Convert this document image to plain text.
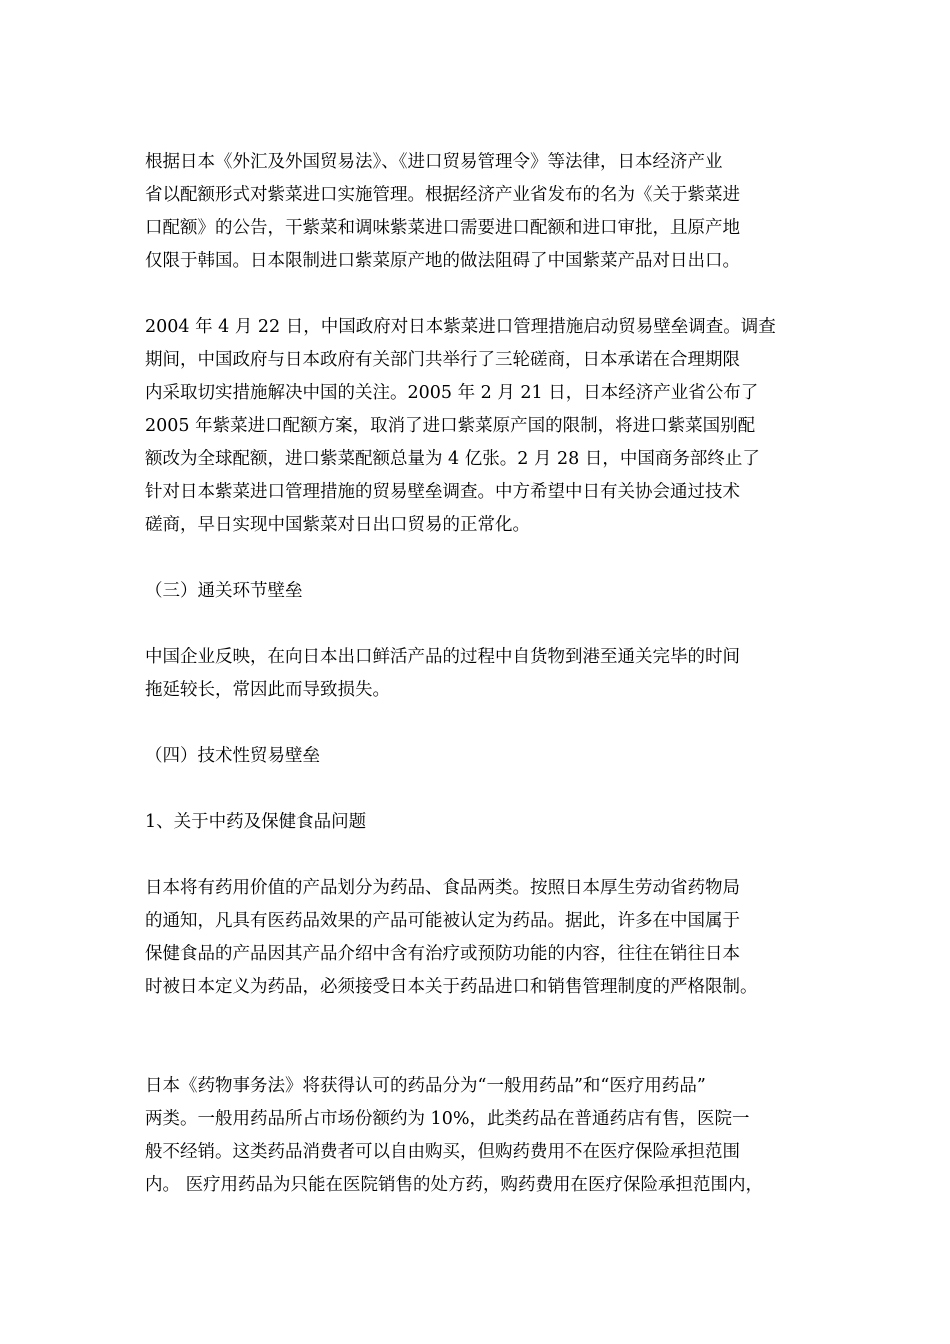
根据日本《外汇及外国贸易法》、《进口贸易管理令》等法律，日本经济产业
省以配额形式对紫菜进口实施管理。根据经济产业省发布的名为《关于紫菜进
口配额》的公告，干紫菜和调味紫菜进口需要进口配额和进口审批，且原产地
仅限于韩国。日本限制进口紫菜原产地的做法阻碍了中国紫菜产品对日出口。

2004 年 4 月 22 日，中国政府对日本紫菜进口管理措施启动贸易壁垒调查。调查
期间，中国政府与日本政府有关部门共举行了三轮磋商，日本承诺在合理期限
内采取切实措施解决中国的关注。2005 年 2 月 21 日，日本经济产业省公布了
2005 年紫菜进口配额方案，取消了进口紫菜原产国的限制，将进口紫菜国别配
额改为全球配额，进口紫菜配额总量为 4 亿张。2 月 28 日，中国商务部终止了
针对日本紫菜进口管理措施的贸易壁垒调查。中方希望中日有关协会通过技术
磋商，早日实现中国紫菜对日出口贸易的正常化。

（三）通关环节壁垒

中国企业反映，在向日本出口鲜活产品的过程中自货物到港至通关完毕的时间
拖延较长，常因此而导致损失。

（四）技术性贸易壁垒

1、关于中药及保健食品问题

日本将有药用价值的产品划分为药品、食品两类。按照日本厚生劳动省药物局
的通知，凡具有医药品效果的产品可能被认定为药品。据此，许多在中国属于
保健食品的产品因其产品介绍中含有治疗或预防功能的内容，往往在销往日本
时被日本定义为药品，必须接受日本关于药品进口和销售管理制度的严格限制。

日本《药物事务法》将获得认可的药品分为“一般用药品”和“医疗用药品”
两类。一般用药品所占市场份额约为 10%，此类药品在普通药店有售，医院一
般不经销。这类药品消费者可以自由购买，但购药费用不在医疗保险承担范围
内。 医疗用药品为只能在医院销售的处方药，购药费用在医疗保险承担范围内，
